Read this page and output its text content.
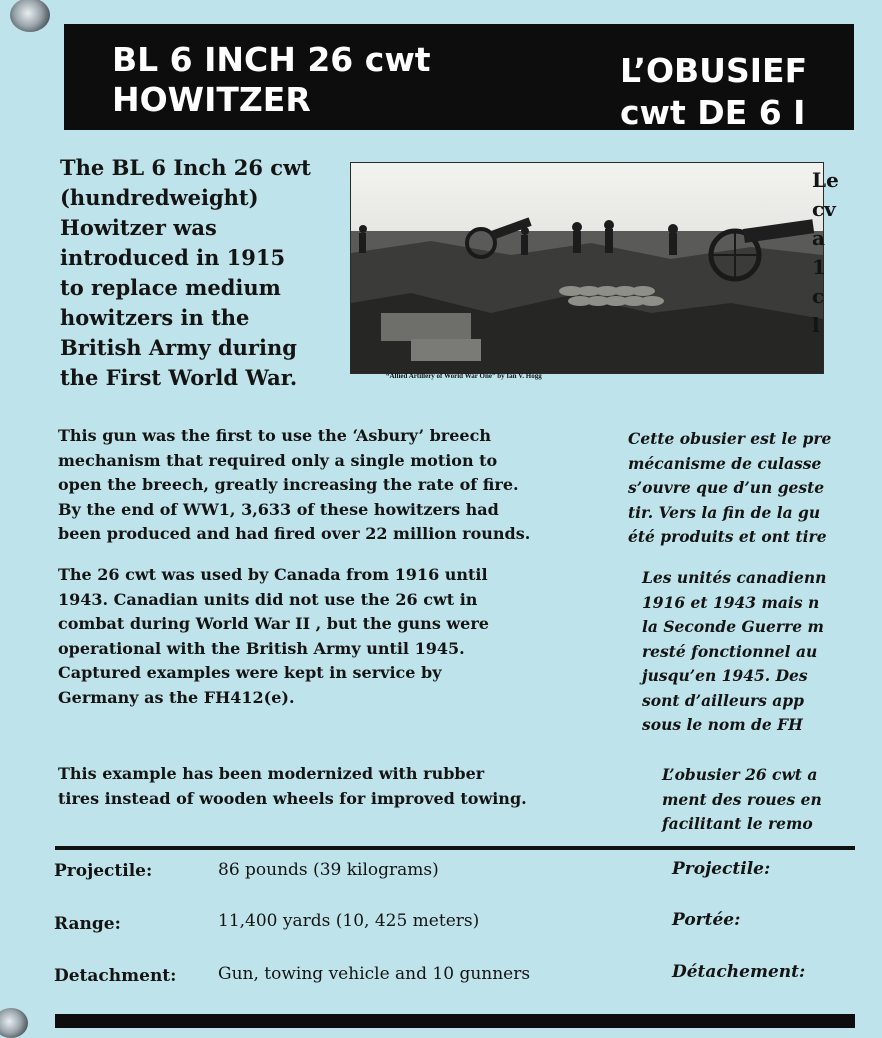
BL 6 INCH 26 cwt
HOWITZER
L’OBUSIEF
cwt DE 6 I
The BL 6 Inch 26 cwt
(hundredweight)
Howitzer was
introduced in 1915
to replace medium
howitzers in the
British Army during
the First World War.	“Allied Artillery of World War One” by Ian V. Hogg
Le
cv
a
1
c
l
This gun was the first to use the ‘Asbury’ breech
mechanism that required only a single motion to
open the breech, greatly increasing the rate of fire.
By the end of WW1, 3,633 of these howitzers had
been produced and had fired over 22 million rounds.
The 26 cwt was used by Canada from 1916 until
1943. Canadian units did not use the 26 cwt in
combat during World War II , but the guns were
operational with the British Army until 1945.
Captured examples were kept in service by
Germany as the FH412(e).
This example has been modernized with rubber
tires instead of wooden wheels for improved towing.
Cette obusier est le pre
mécanisme de culasse
s’ouvre que d’un geste
tir. Vers la fin de la gu
été produits et ont tire
Les unités canadienn
1916 et 1943 mais n
la Seconde Guerre m
resté fonctionnel au
jusqu’en 1945. Des
sont d’ailleurs app
sous le nom de FH
L’obusier 26 cwt a
ment des roues en
facilitant le remo
Projectile:	86 pounds (39 kilograms)	Projectile:
Range:	11,400 yards (10, 425 meters)	Portée:
Detachment: Gun, towing vehicle and 10 gunners	Détachement:
